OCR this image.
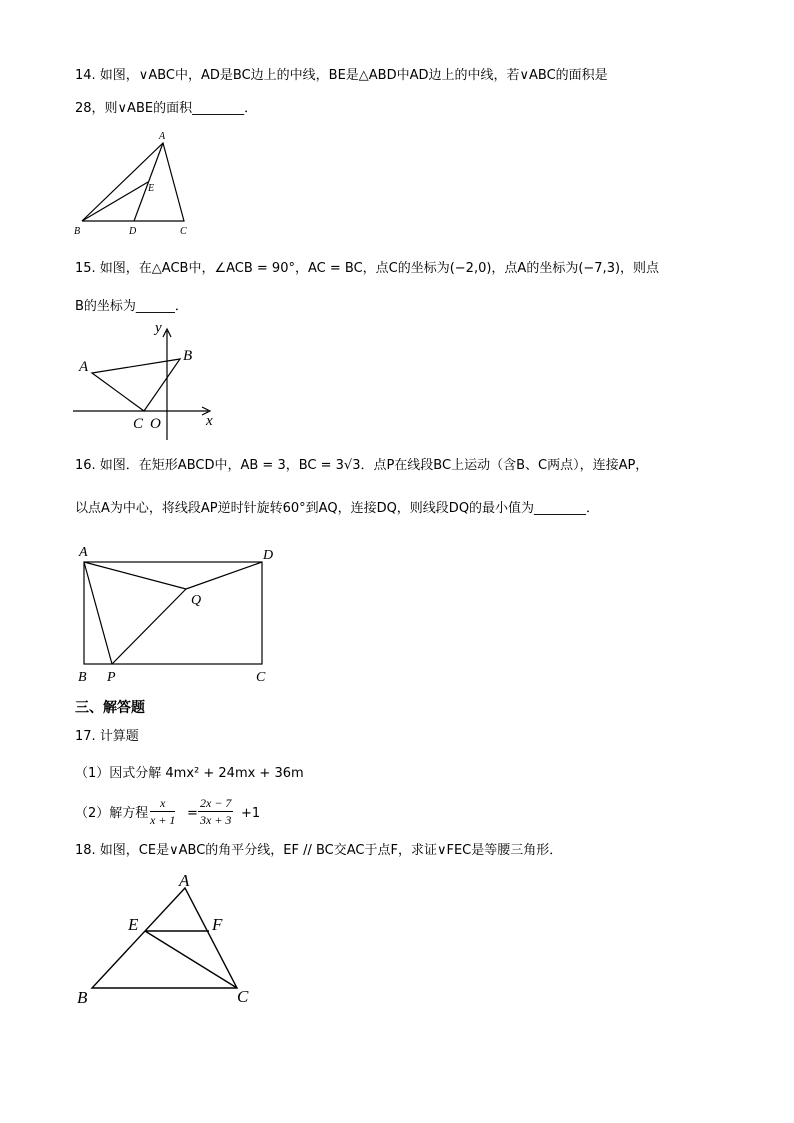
14. 如图，∨ABC中，AD是BC边上的中线，BE是△ABD中AD边上的中线，若∨ABC的面积是
28，则∨ABE的面积________．
A
E
B	D	C
15. 如图，在△ACB中，∠ACB = 90°，AC = BC，点C的坐标为(−2,0)，点A的坐标为(−7,3)，则点
B的坐标为______．
y
A
B
C O	x
16. 如图．在矩形ABCD中，AB = 3，BC = 3√3．点P在线段BC上运动（含B、C两点），连接AP，
以点A为中心，将线段AP逆时针旋转60°到AQ，连接DQ，则线段DQ的最小值为________．
A	D
Q
B P	C
三、解答题
17. 计算题
（1）因式分解 4mx² + 24mx + 36m
（2）解方程 $\frac{x}{x + 1} = \frac{2x - 7}{3x + 3} +1$
18. 如图，CE是∨ABC的角平分线，EF // BC交AC于点F，求证∨FEC是等腰三角形．
A
E	F
B	C
